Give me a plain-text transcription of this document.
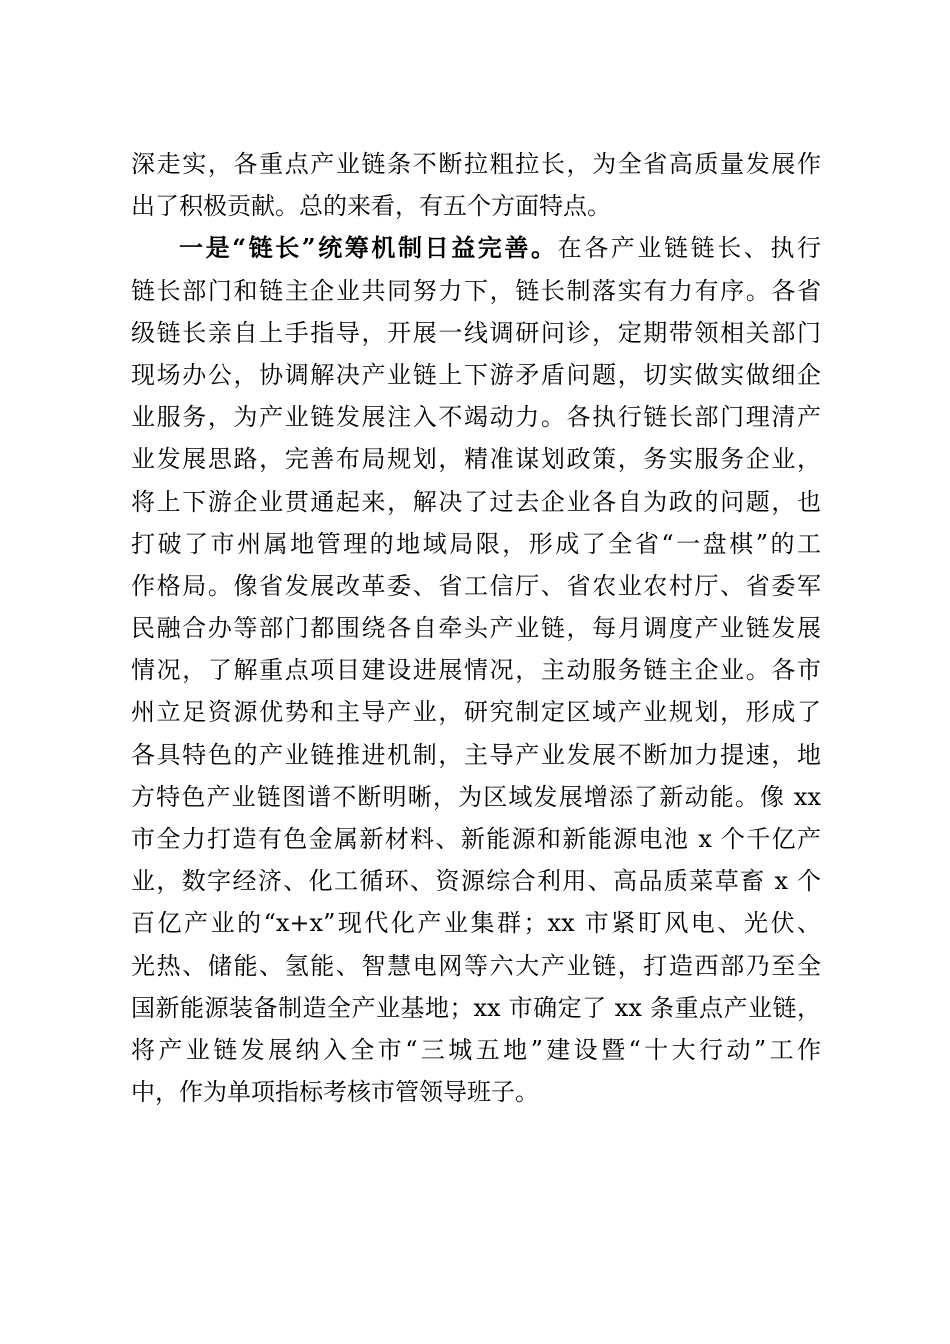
深走实，各重点产业链条不断拉粗拉长，为全省高质量发展作
出了积极贡献。总的来看，有五个方面特点。
一是“链长”统筹机制日益完善。在各产业链链长、执行
链长部门和链主企业共同努力下，链长制落实有力有序。各省
级链长亲自上手指导，开展一线调研问诊，定期带领相关部门
现场办公，协调解决产业链上下游矛盾问题，切实做实做细企
业服务，为产业链发展注入不竭动力。各执行链长部门理清产
业发展思路，完善布局规划，精准谋划政策，务实服务企业，
将上下游企业贯通起来，解决了过去企业各自为政的问题，也
打破了市州属地管理的地域局限，形成了全省“一盘棋”的工
作格局。像省发展改革委、省工信厅、省农业农村厅、省委军
民融合办等部门都围绕各自牵头产业链，每月调度产业链发展
情况，了解重点项目建设进展情况，主动服务链主企业。各市
州立足资源优势和主导产业，研究制定区域产业规划，形成了
各具特色的产业链推进机制，主导产业发展不断加力提速，地
方特色产业链图谱不断明晰，为区域发展增添了新动能。像 xx
市全力打造有色金属新材料、新能源和新能源电池 x 个千亿产
业，数字经济、化工循环、资源综合利用、高品质菜草畜 x 个
百亿产业的“x+x”现代化产业集群；xx 市紧盯风电、光伏、
光热、储能、氢能、智慧电网等六大产业链，打造西部乃至全
国新能源装备制造全产业基地；xx 市确定了 xx 条重点产业链，
将产业链发展纳入全市“三城五地”建设暨“十大行动”工作
中，作为单项指标考核市管领导班子。
